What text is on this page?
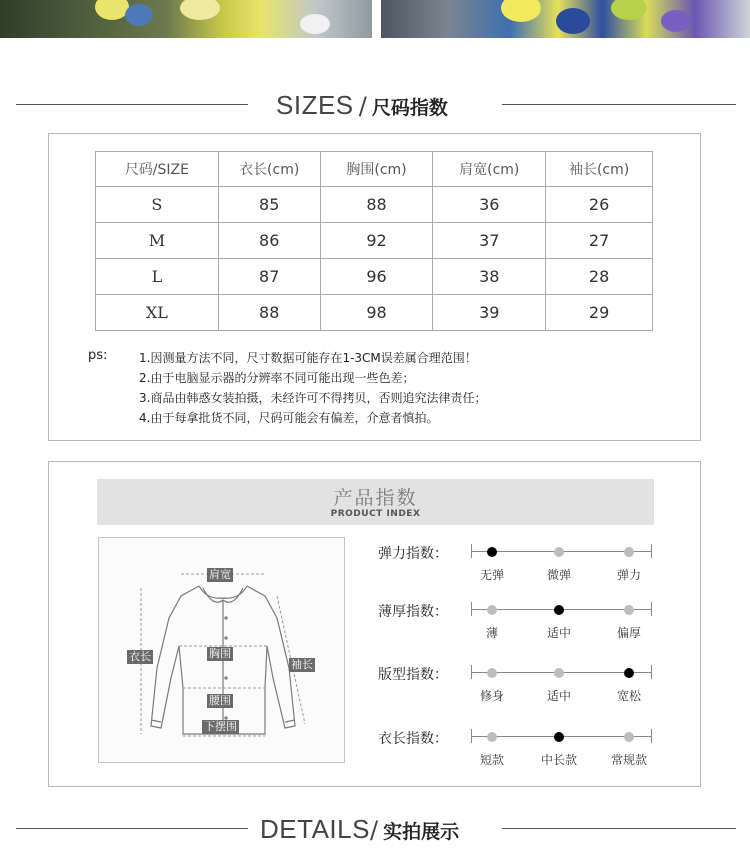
SIZES / 尺码指数
尺码/SIZE	衣长(cm)	胸围(cm)	肩宽(cm)	袖长(cm)
S	85	88	36	26
M	86	92	37	27
L	87	96	38	28
XL	88	98	39	29
ps:	1.因测量方法不同，尺寸数据可能存在1-3CM误差属合理范围！
2.由于电脑显示器的分辨率不同可能出现一些色差；
3.商品由韩惑女装拍摄，未经许可不得拷贝，否则追究法律责任；
4.由于每拿批货不同，尺码可能会有偏差，介意者慎拍。
产品指数
PRODUCT INDEX
肩宽
衣长	胸围
袖长
腰围
下摆围
弹力指数：
无弹	微弹	弹力
薄厚指数：
薄	适中	偏厚
版型指数：
修身	适中	宽松
衣长指数：
短款	中长款	常规款
DETAILS/ 实拍展示
